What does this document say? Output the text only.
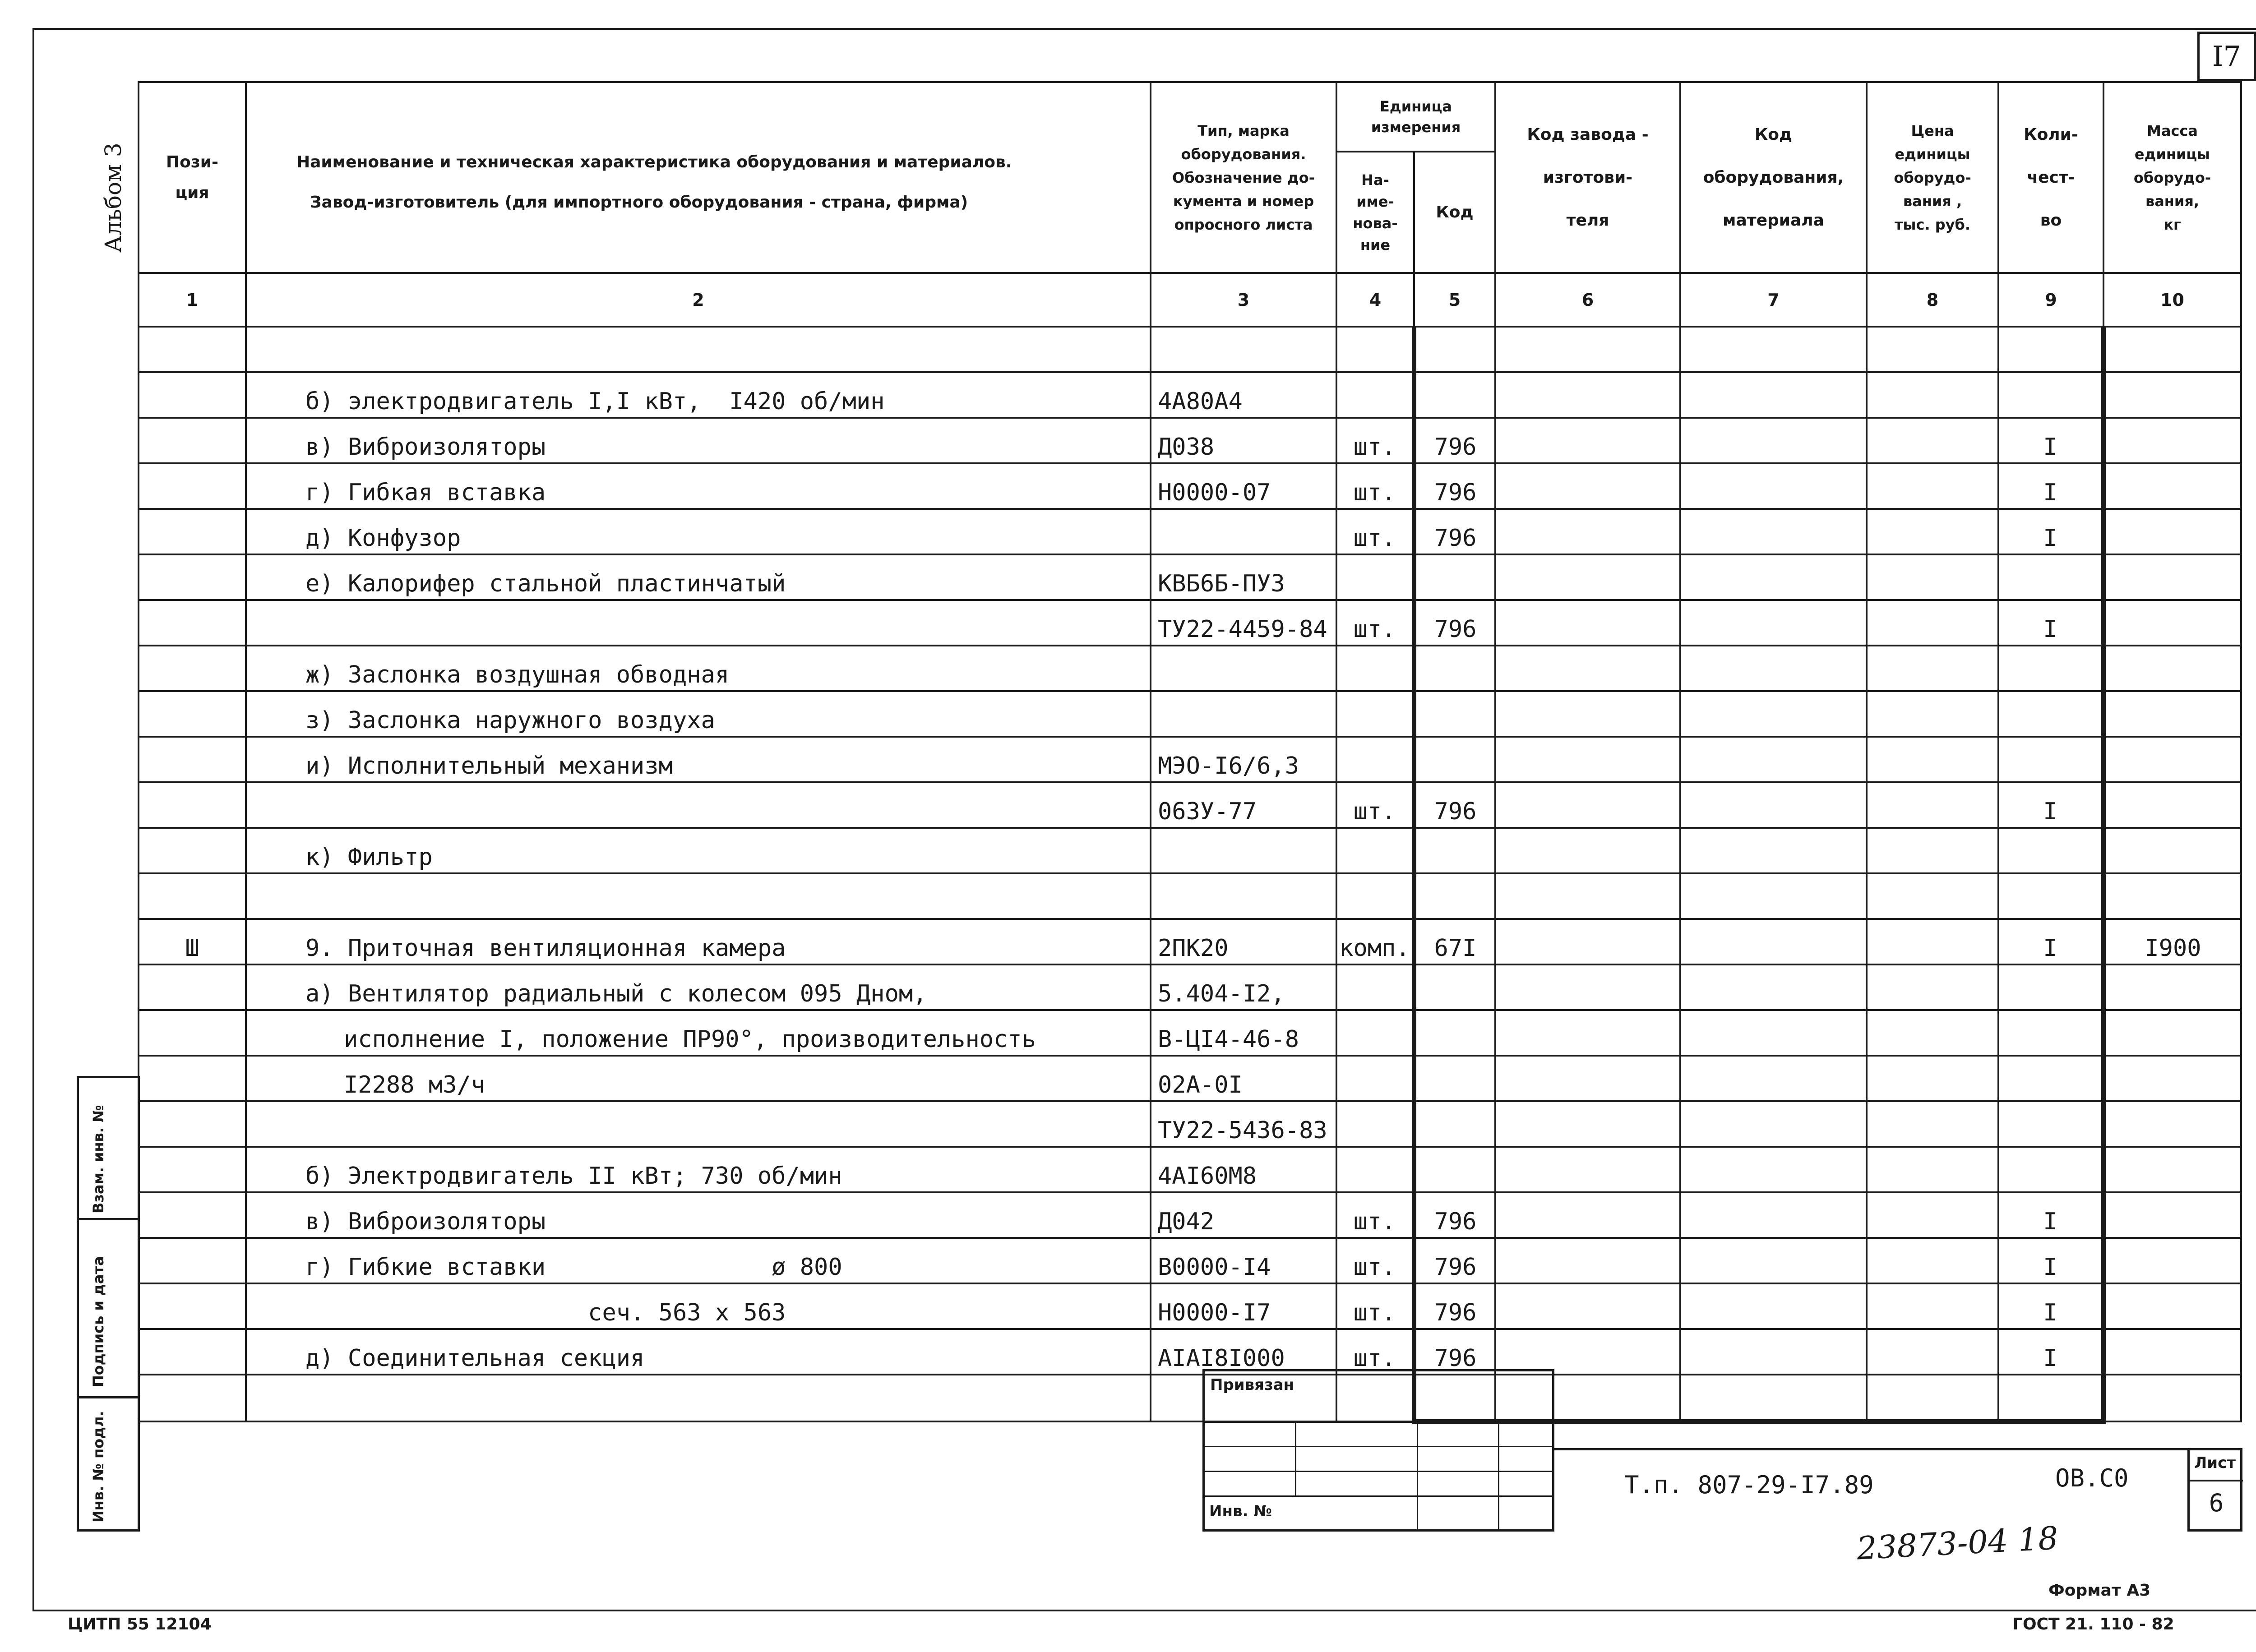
I7
Альбом 3
Взам. инв. №
Подпись и дата
Инв. № подл.
Пози-
ция	Наименование и техническая характеристика оборудования и материалов.
Завод-изготовитель (для импортного оборудования - страна, фирма)	Тип, марка
оборудования.
Обозначение до-
кумента и номер
опросного листа	Единица
измерения		Код завода -
изготови-
теля	Код
оборудования,
материала	Цена
единицы
оборудо-
вания ,
тыс. руб.	Коли-
чест-
во	Масса
единицы
оборудо-
вания,
кг

			На-
име-
нова-
ние	Код					
1	2	3	4	5	6	7	8	9	10

	б) электродвигатель I,I кВт,  I420 об/мин	4А80А4							
	в) Виброизоляторы	Д038	шт.	796				I	
	г) Гибкая вставка	Н0000-07	шт.	796				I	
	д) Конфузор		шт.	796				I	
	е) Калорифер стальной пластинчатый	КВБ6Б-ПУЗ							
		ТУ22-4459-84	шт.	796				I	
	ж) Заслонка воздушная обводная								
	з) Заслонка наружного воздуха								
	и) Исполнительный механизм	МЭО-I6/6,3							
		063У-77	шт.	796				I	
	к) Фильтр								

Ш	9. Приточная вентиляционная камера	2ПК20	комп.	67I				I	I900
	а) Вентилятор радиальный с колесом 095 Дном,	5.404-I2,							
	исполнение I, положение ПР90°, производительность	В-ЦI4-46-8							
	I2288 м3/ч	02А-0I							
		ТУ22-5436-83							
	б) Электродвигатель II кВт; 730 об/мин	4АI60М8							
	в) Виброизоляторы	Д042	шт.	796				I	
	г) Гибкие вставки                ø 800	В0000-I4	шт.	796				I	
	сеч. 563 х 563	Н0000-I7	шт.	796				I	
	д) Соединительная секция	АIАI8I000	шт.	796				I	

Привязан
Инв. №
Т.п. 807-29-I7.89	ОВ.С0
Лист
6
23873-04 18
Формат А3
ЦИТП 55 12104	ГОСТ 21. 110 - 82
